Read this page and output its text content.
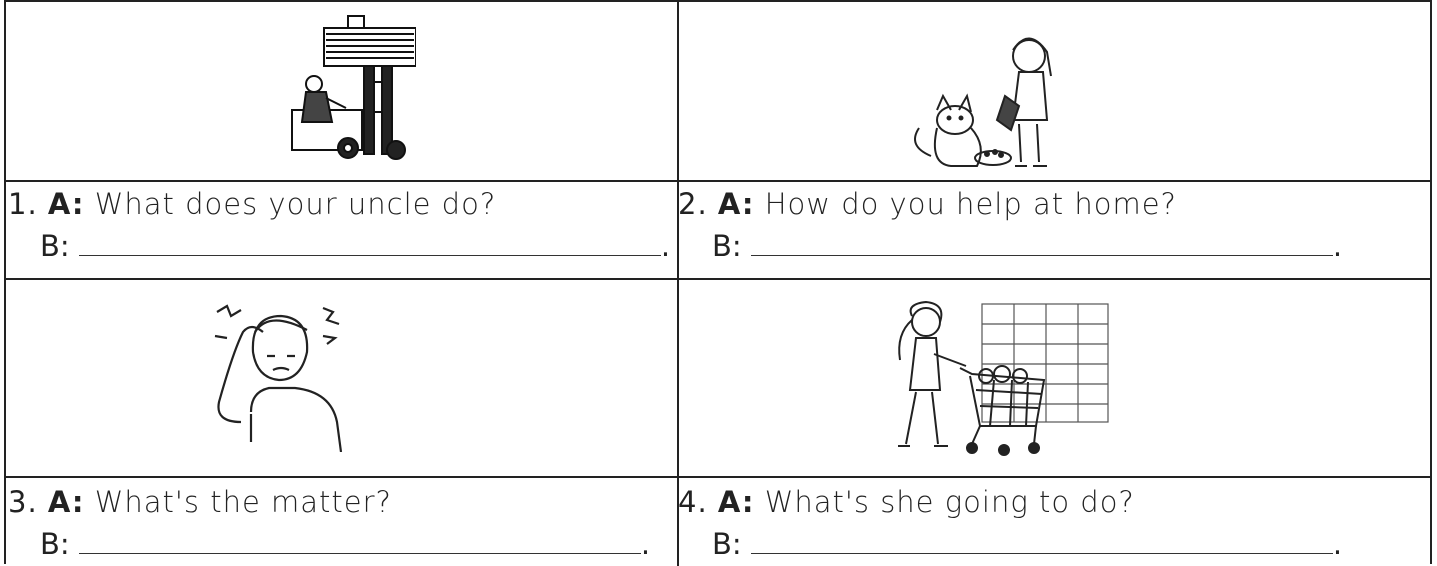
1. A: What does your uncle do?
B:	.
2. A: How do you help at home?
B:	.
3. A: What's the matter?
B:	.
4. A: What's she going to do?
B:	.
